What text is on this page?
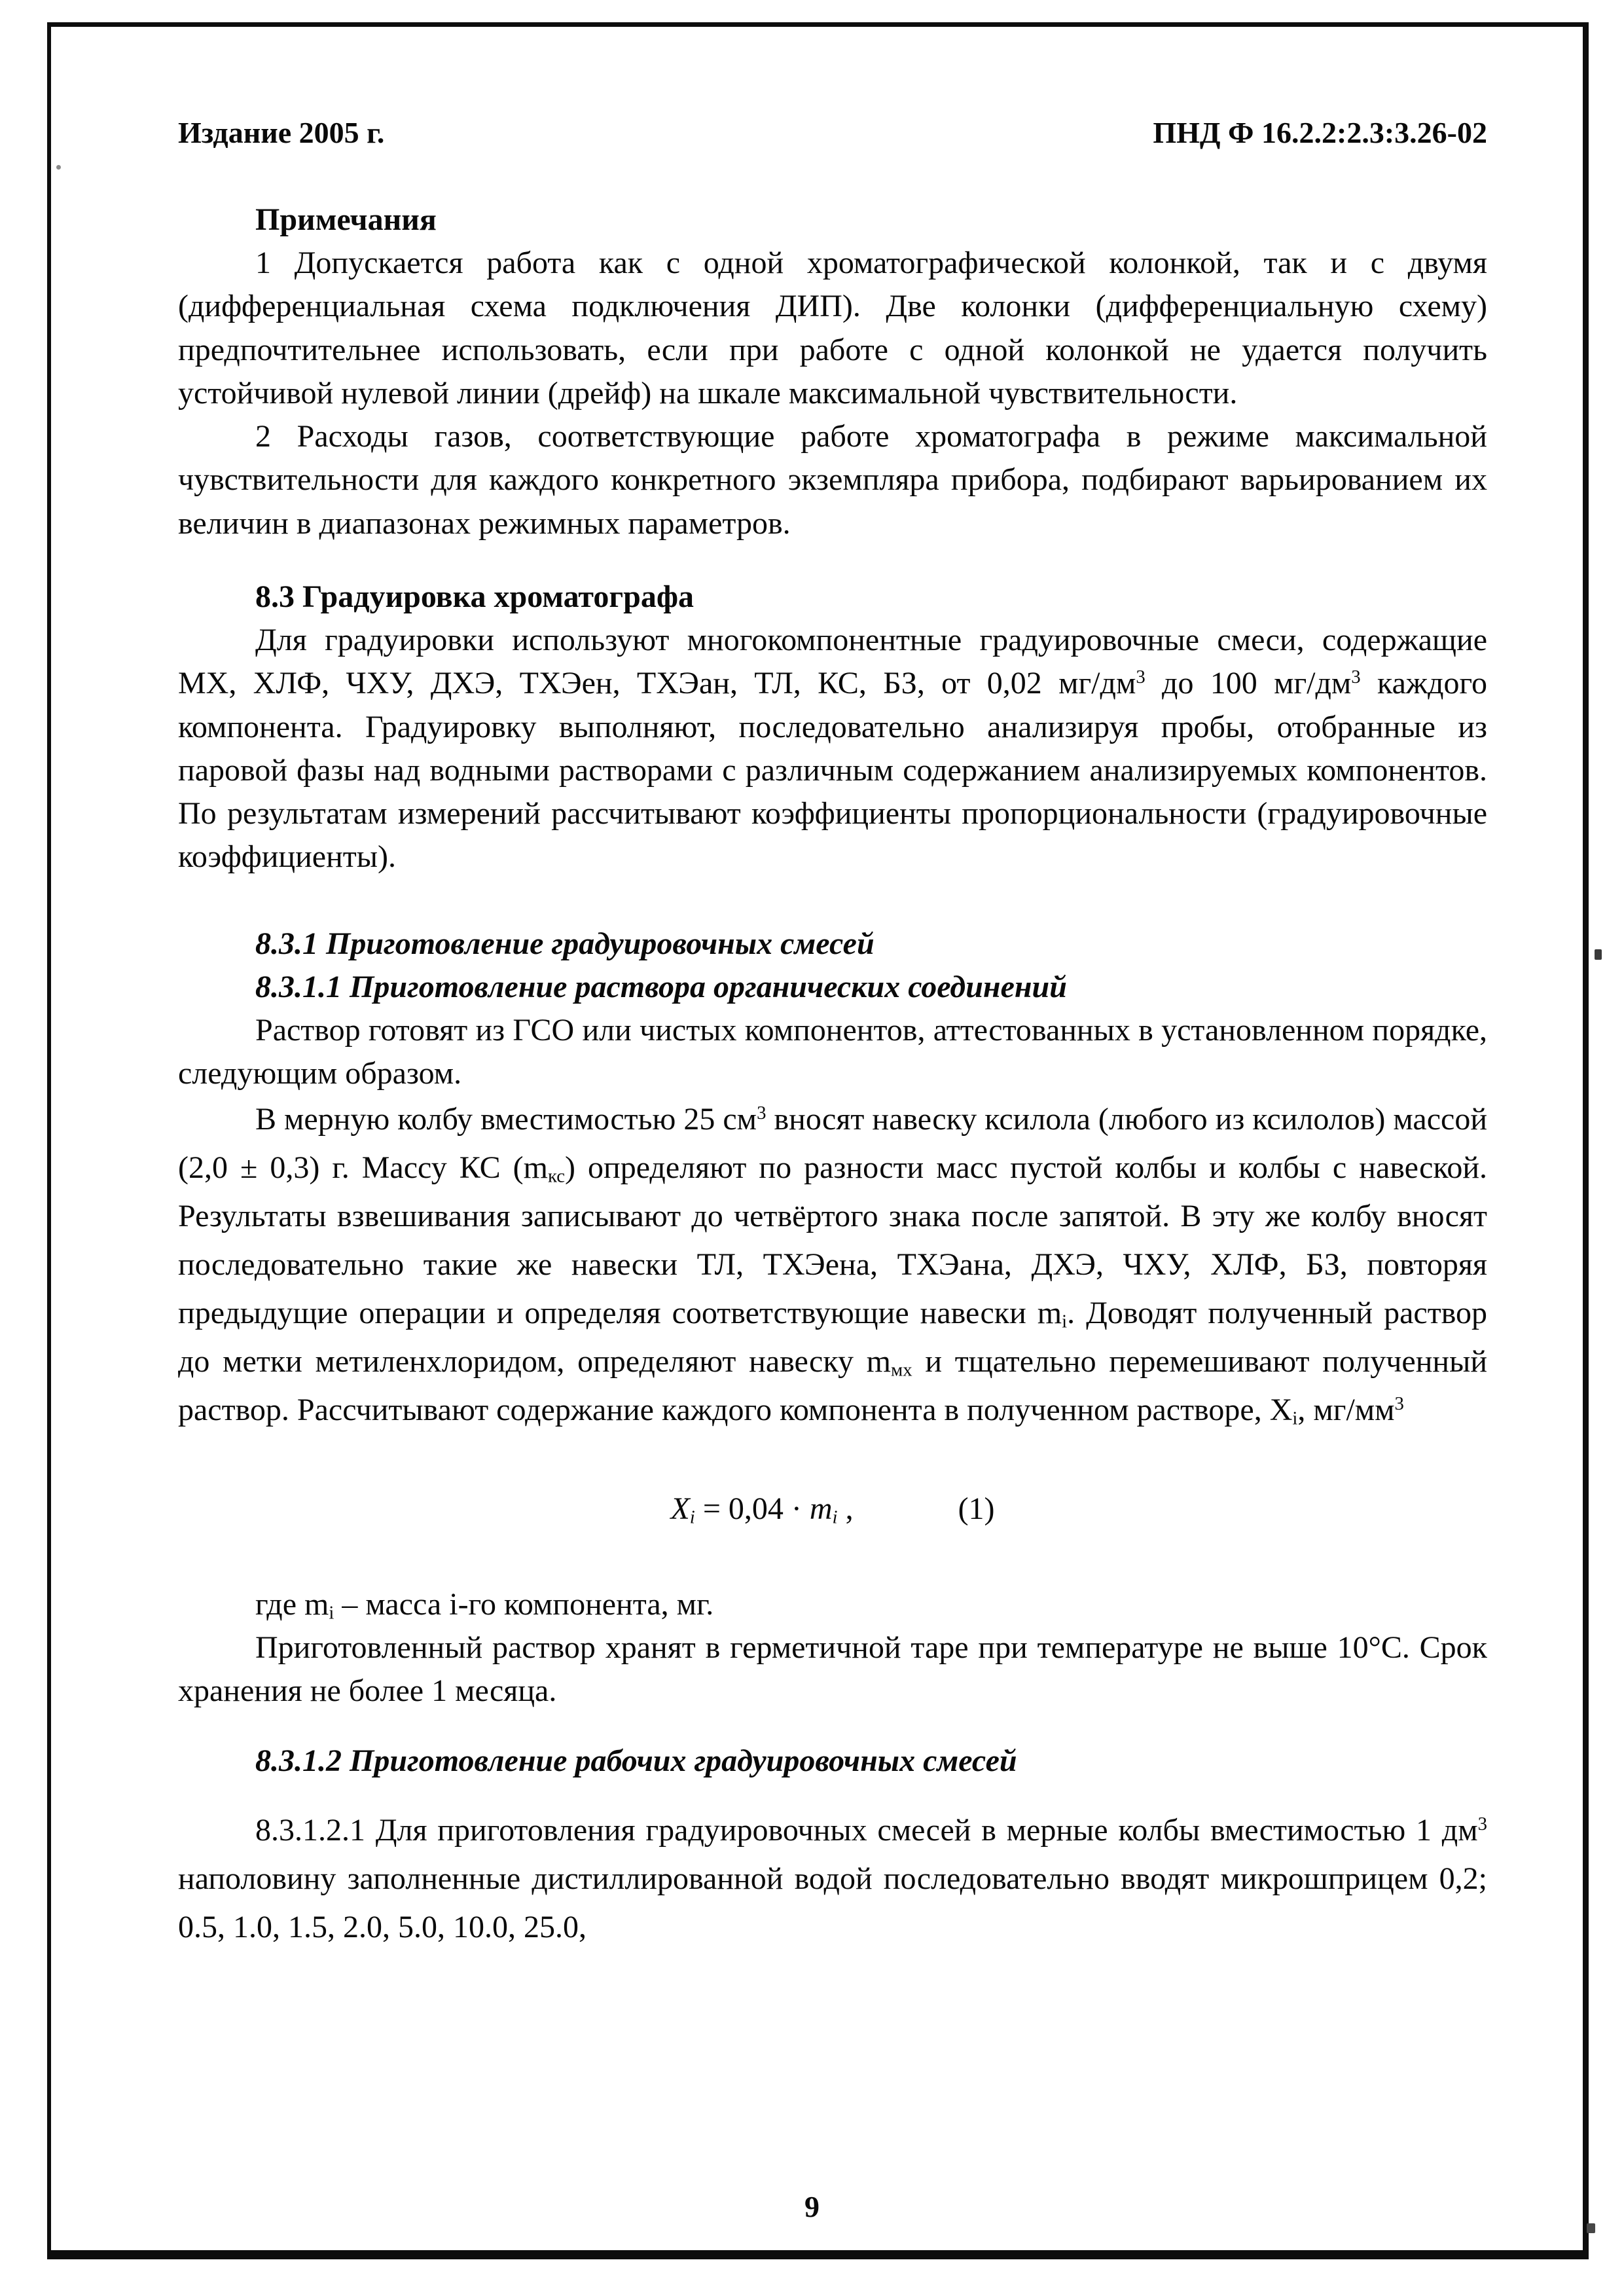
Издание 2005 г.	ПНД Ф 16.2.2:2.3:3.26-02

Примечания

1 Допускается работа как с одной хроматографической колонкой, так и с двумя (дифференциальная схема подключения ДИП). Две колонки (дифференциальную схему) предпочтительнее использовать, если при работе с одной колонкой не удается получить устойчивой нулевой линии (дрейф) на шкале максимальной чувствительности.

2 Расходы газов, соответствующие работе хроматографа в режиме максимальной чувствительности для каждого конкретного экземпляра прибора, подбирают варьированием их величин в диапазонах режимных параметров.

8.3 Градуировка хроматографа

Для градуировки используют многокомпонентные градуировочные смеси, содержащие МХ, ХЛФ, ЧХУ, ДХЭ, ТХЭен, ТХЭан, ТЛ, КС, БЗ, от 0,02 $мг/дм^3$ до 100 $мг/дм^3$ каждого компонента. Градуировку выполняют, последовательно анализируя пробы, отобранные из паровой фазы над водными растворами с различным содержанием анализируемых компонентов. По результатам измерений рассчитывают коэффициенты пропорциональности (градуировочные коэффициенты).

8.3.1 Приготовление градуировочных смесей

8.3.1.1 Приготовление раствора органических соединений

Раствор готовят из ГСО или чистых компонентов, аттестованных в установленном порядке, следующим образом.

В мерную колбу вместимостью 25 $см^3$ вносят навеску ксилола (любого из ксилолов) массой (2,0 ± 0,3) г. Массу КС $(m_{кс})$ определяют по разности масс пустой колбы и колбы с навеской. Результаты взвешивания записывают до четвёртого знака после запятой. В эту же колбу вносят последовательно такие же навески ТЛ, ТХЭена, ТХЭана, ДХЭ, ЧХУ, ХЛФ, БЗ, повторяя предыдущие операции и определяя соответствующие навески $m_i$. Доводят полученный раствор до метки метиленхлоридом, определяют навеску $m_{мх}$ и тщательно перемешивают полученный раствор. Рассчитывают содержание каждого компонента в полученном растворе, $X_i$, $мг/мм^3$

$X_i = 0,04 \cdot m_i$ ,	(1)

где $m_i$ – масса i-го компонента, мг.

Приготовленный раствор хранят в герметичной таре при температуре не выше 10°С. Срок хранения не более 1 месяца.

8.3.1.2 Приготовление рабочих градуировочных смесей

8.3.1.2.1 Для приготовления градуировочных смесей в мерные колбы вместимостью 1 $дм^3$ наполовину заполненные дистиллированной водой последовательно вводят микрошприцем 0,2; 0.5, 1.0, 1.5, 2.0, 5.0, 10.0, 25.0,

9
